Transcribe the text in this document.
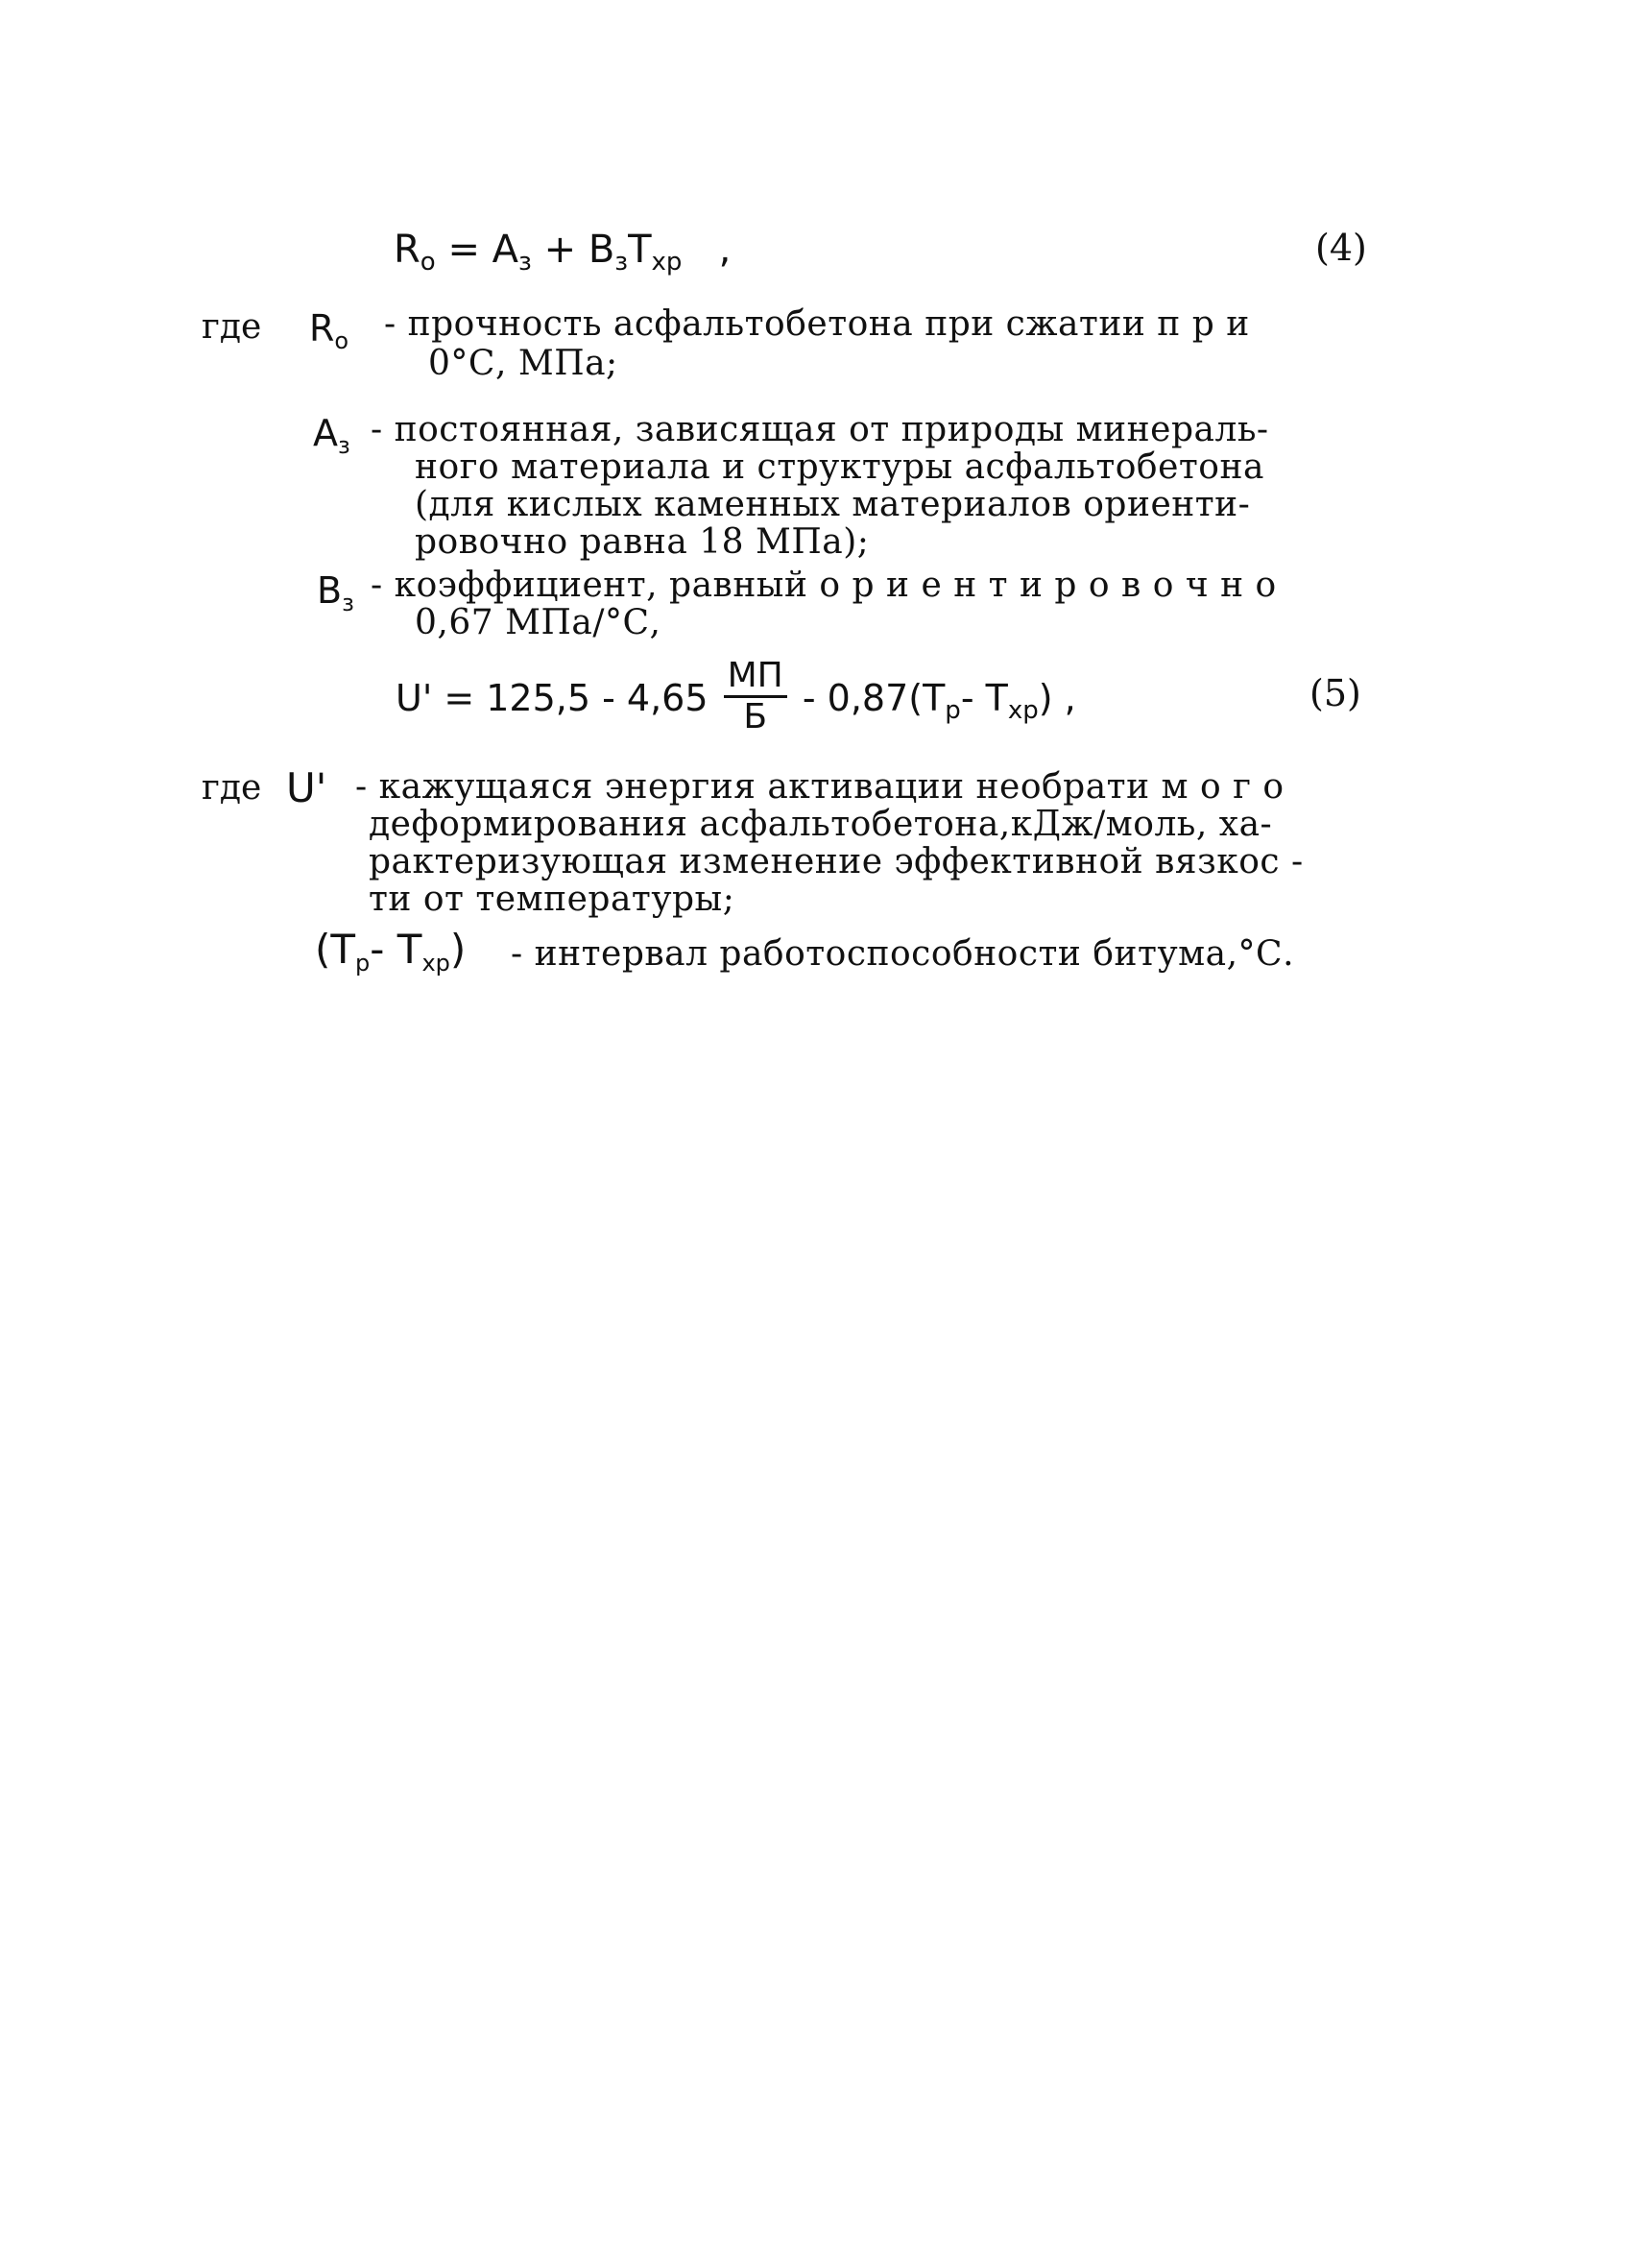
$R_o = A_з + B_зT_{xp}$ ,	(4)
где $R_o$ - прочность асфальтобетона при сжатии п р и
0°С, МПа;
$A_з$ - постоянная, зависящая от природы минераль-
ного материала и структуры асфальтобетона
(для кислых каменных материалов ориенти-
ровочно равна 18 МПа);
$B_з$ - коэффициент, равный о р и е н т и р о в о ч н о
0,67 МПа/°С,
$U' = 125,5 - 4,65 \frac{МП}{Б} - 0,87(T_p-$ $T_{xp}$) ,	(5)
где U' - кажущаяся энергия активации необрати м о г о
деформирования асфальтобетона,кДж/моль, ха-
рактеризующая изменение эффективной вязкос -
ти от температуры;
($T_p-$ $T_{xp}$) - интервал работоспособности битума,°С.
